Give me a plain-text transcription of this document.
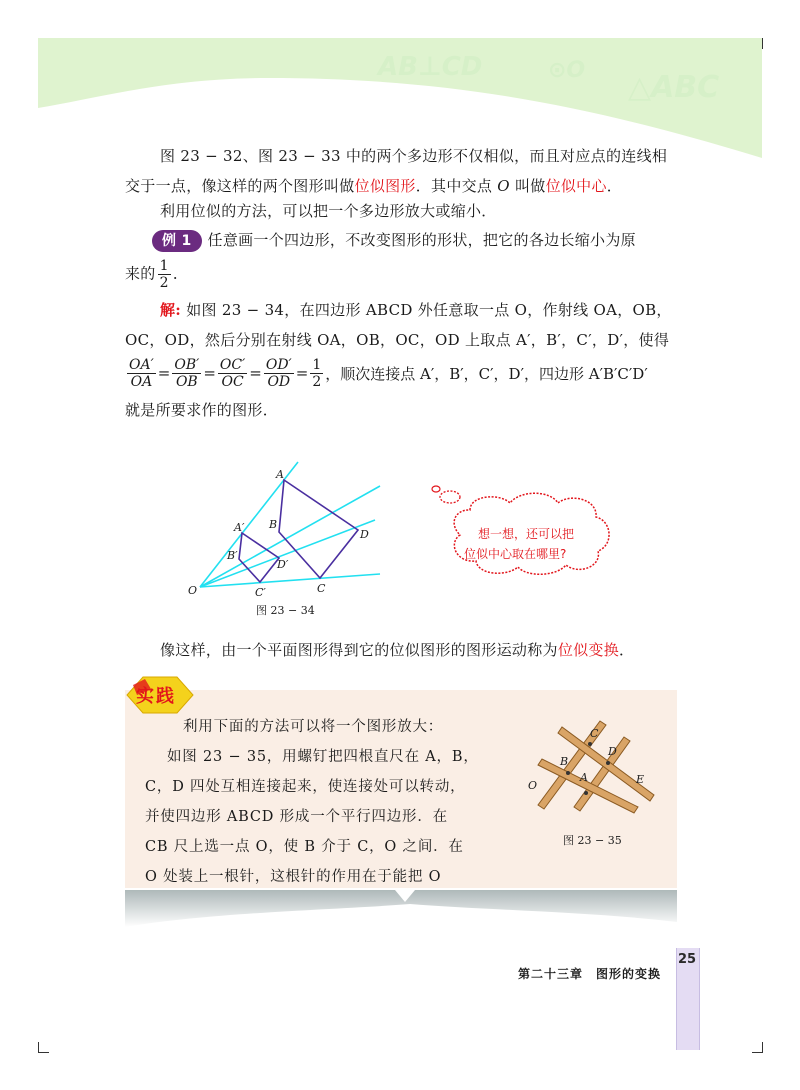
AB⊥CD	⊙O △ABC

图 23 − 32、图 23 − 33 中的两个多边形不仅相似，而且对应点的连线相

交于一点，像这样的两个图形叫做位似图形．其中交点 O 叫做位似中心．

利用位似的方法，可以把一个多边形放大或缩小．

例 1 任意画一个四边形，不改变图形的形状，把它的各边长缩小为原

来的 $\frac{1}{2}$ ．

解: 如图 23 − 34，在四边形 ABCD 外任意取一点 O，作射线 OA，OB，

OC，OD，然后分别在射线 OA，OB，OC，OD 上取点 A′，B′，C′，D′，使得

$\frac{OA'}{OA} = \frac{OB'}{OB} = \frac{OC'}{OC} = \frac{OD'}{OD} = \frac{1}{2}$ ，顺次连接点 A′，B′，C′，D′，四边形 A′B′C′D′

就是所要求作的图形．

A
B
C
D
A′
B′
C′
D′
O
图 23 − 34
想一想，还可以把
位似中心取在哪里?

像这样，由一个平面图形得到它的位似图形的图形运动称为位似变换．

实践

利用下面的方法可以将一个图形放大：

如图 23 − 35，用螺钉把四根直尺在 A，B，

C，D 四处互相连接起来，使连接处可以转动，

并使四边形 ABCD 形成一个平行四边形．在

CB 尺上选一点 O，使 B 介于 C，O 之间．在

O 处装上一根针，这根针的作用在于能把 O

B
C
A
D
E
O
图 23 − 35
25
第二十三章　图形的变换
